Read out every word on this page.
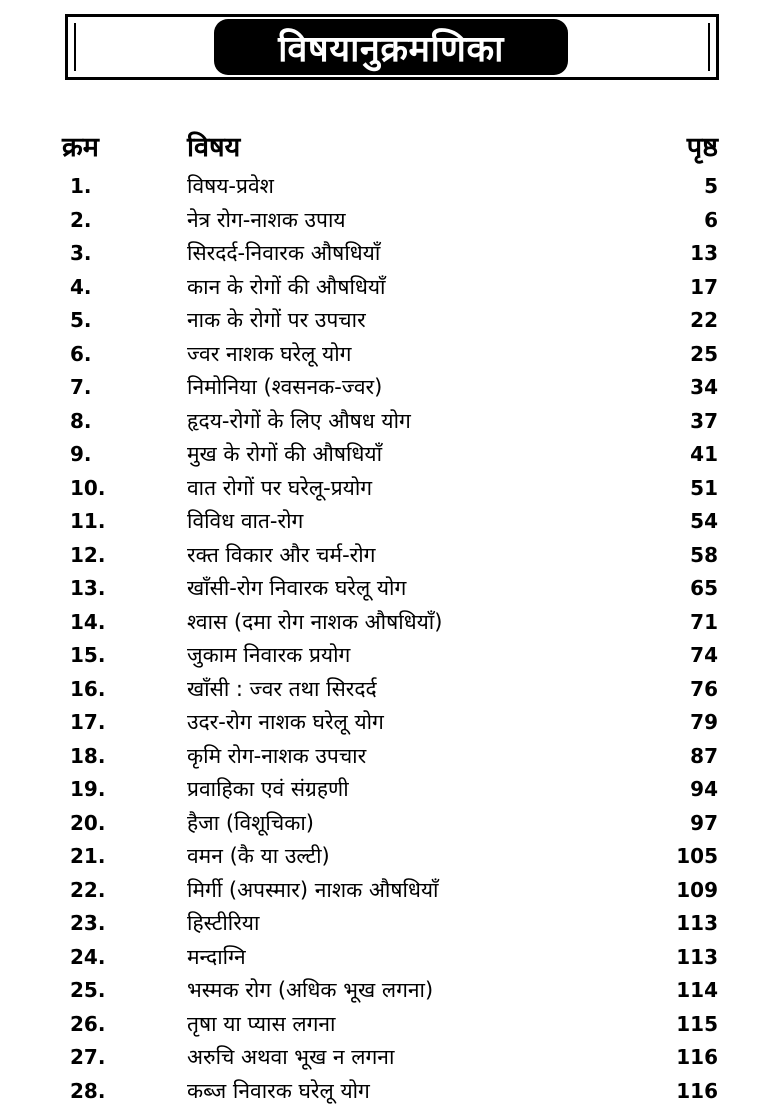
विषयानुक्रमणिका
क्रम	विषय	पृष्ठ
1.	विषय-प्रवेश	5
2.	नेत्र रोग-नाशक उपाय	6
3.	सिरदर्द-निवारक औषधियाँ	13
4.	कान के रोगों की औषधियाँ	17
5.	नाक के रोगों पर उपचार	22
6.	ज्वर नाशक घरेलू योग	25
7.	निमोनिया (श्वसनक-ज्वर)	34
8.	हृदय-रोगों के लिए औषध योग	37
9.	मुख के रोगों की औषधियाँ	41
10.	वात रोगों पर घरेलू-प्रयोग	51
11.	विविध वात-रोग	54
12.	रक्त विकार और चर्म-रोग	58
13.	खाँसी-रोग निवारक घरेलू योग	65
14.	श्वास (दमा रोग नाशक औषधियाँ)	71
15.	जुकाम निवारक प्रयोग	74
16.	खाँसी : ज्वर तथा सिरदर्द	76
17.	उदर-रोग नाशक घरेलू योग	79
18.	कृमि रोग-नाशक उपचार	87
19.	प्रवाहिका एवं संग्रहणी	94
20.	हैजा (विशूचिका)	97
21.	वमन (कै या उल्टी)	105
22.	मिर्गी (अपस्मार) नाशक औषधियाँ	109
23.	हिस्टीरिया	113
24.	मन्दाग्नि	113
25.	भस्मक रोग (अधिक भूख लगना)	114
26.	तृषा या प्यास लगना	115
27.	अरुचि अथवा भूख न लगना	116
28.	कब्ज निवारक घरेलू योग	116
